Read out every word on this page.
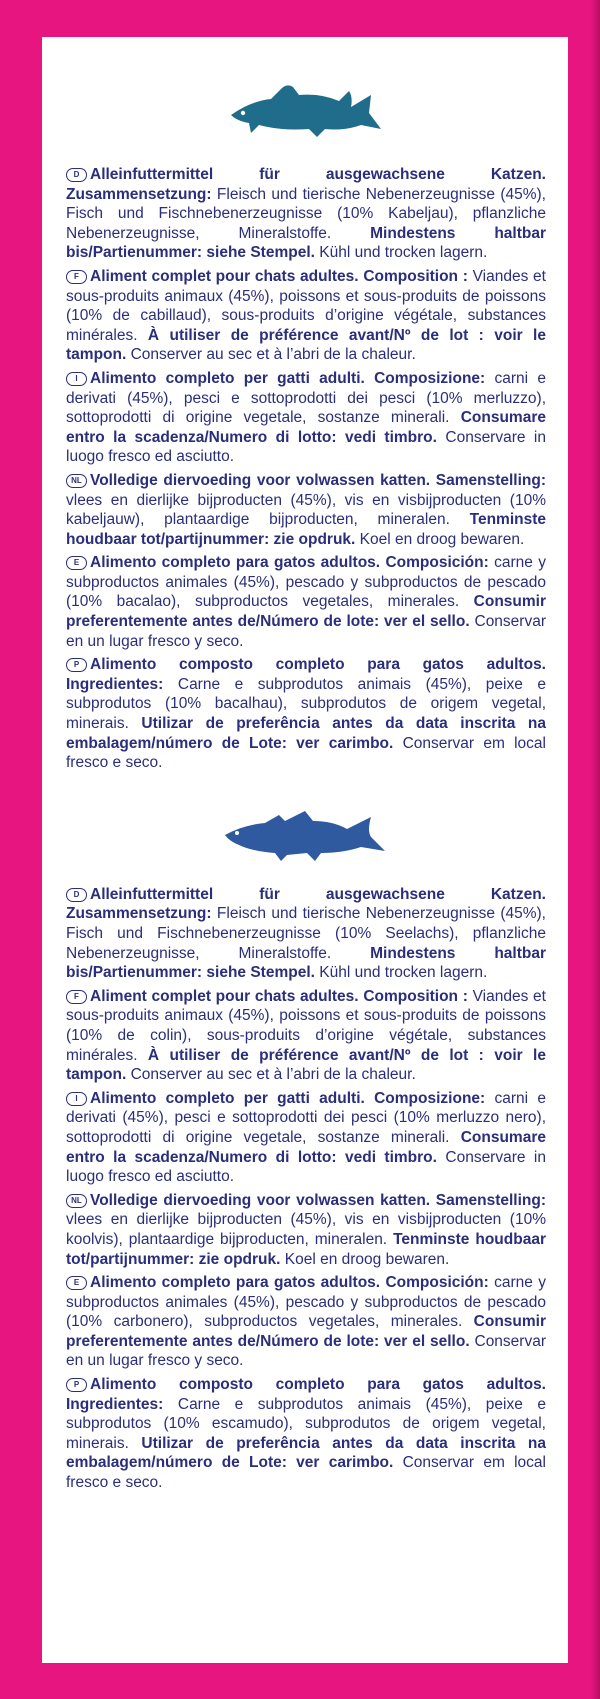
D Alleinfuttermittel für ausgewachsene Katzen. Zusammensetzung: Fleisch und tierische Nebenerzeugnisse (45%), Fisch und Fischnebenerzeugnisse (10% Kabeljau), pflanzliche Nebenerzeugnisse, Mineralstoffe. Mindestens haltbar bis/Partienummer: siehe Stempel. Kühl und trocken lagern.

F Aliment complet pour chats adultes. Composition : Viandes et sous-produits animaux (45%), poissons et sous-produits de poissons (10% de cabillaud), sous-produits d’origine végétale, substances minérales. À utiliser de préférence avant/Nº de lot : voir le tampon. Conserver au sec et à l’abri de la chaleur.

I Alimento completo per gatti adulti. Composizione: carni e derivati (45%), pesci e sottoprodotti dei pesci (10% merluzzo), sottoprodotti di origine vegetale, sostanze minerali. Consumare entro la scadenza/Numero di lotto: vedi timbro. Conservare in luogo fresco ed asciutto.

NL Volledige diervoeding voor volwassen katten. Samenstelling: vlees en dierlijke bijproducten (45%), vis en visbijproducten (10% kabeljauw), plantaardige bijproducten, mineralen. Tenminste houdbaar tot/partijnummer: zie opdruk. Koel en droog bewaren.

E Alimento completo para gatos adultos. Composición: carne y subproductos animales (45%), pescado y subproductos de pescado (10% bacalao), subproductos vegetales, minerales. Consumir preferentemente antes de/Número de lote: ver el sello. Conservar en un lugar fresco y seco.

P Alimento composto completo para gatos adultos. Ingredientes: Carne e subprodutos animais (45%), peixe e subprodutos (10% bacalhau), subprodutos de origem vegetal, minerais. Utilizar de preferência antes da data inscrita na embalagem/número de Lote: ver carimbo. Conservar em local fresco e seco.

D Alleinfuttermittel für ausgewachsene Katzen. Zusammensetzung: Fleisch und tierische Nebenerzeugnisse (45%), Fisch und Fischnebenerzeugnisse (10% Seelachs), pflanzliche Nebenerzeugnisse, Mineralstoffe. Mindestens haltbar bis/Partienummer: siehe Stempel. Kühl und trocken lagern.

F Aliment complet pour chats adultes. Composition : Viandes et sous-produits animaux (45%), poissons et sous-produits de poissons (10% de colin), sous-produits d’origine végétale, substances minérales. À utiliser de préférence avant/Nº de lot : voir le tampon. Conserver au sec et à l’abri de la chaleur.

I Alimento completo per gatti adulti. Composizione: carni e derivati (45%), pesci e sottoprodotti dei pesci (10% merluzzo nero), sottoprodotti di origine vegetale, sostanze minerali. Consumare entro la scadenza/Numero di lotto: vedi timbro. Conservare in luogo fresco ed asciutto.

NL Volledige diervoeding voor volwassen katten. Samenstelling: vlees en dierlijke bijproducten (45%), vis en visbijproducten (10% koolvis), plantaardige bijproducten, mineralen. Tenminste houdbaar tot/partijnummer: zie opdruk. Koel en droog bewaren.

E Alimento completo para gatos adultos. Composición: carne y subproductos animales (45%), pescado y subproductos de pescado (10% carbonero), subproductos vegetales, minerales. Consumir preferentemente antes de/Número de lote: ver el sello. Conservar en un lugar fresco y seco.

P Alimento composto completo para gatos adultos. Ingredientes: Carne e subprodutos animais (45%), peixe e subprodutos (10% escamudo), subprodutos de origem vegetal, minerais. Utilizar de preferência antes da data inscrita na embalagem/número de Lote: ver carimbo. Conservar em local fresco e seco.
